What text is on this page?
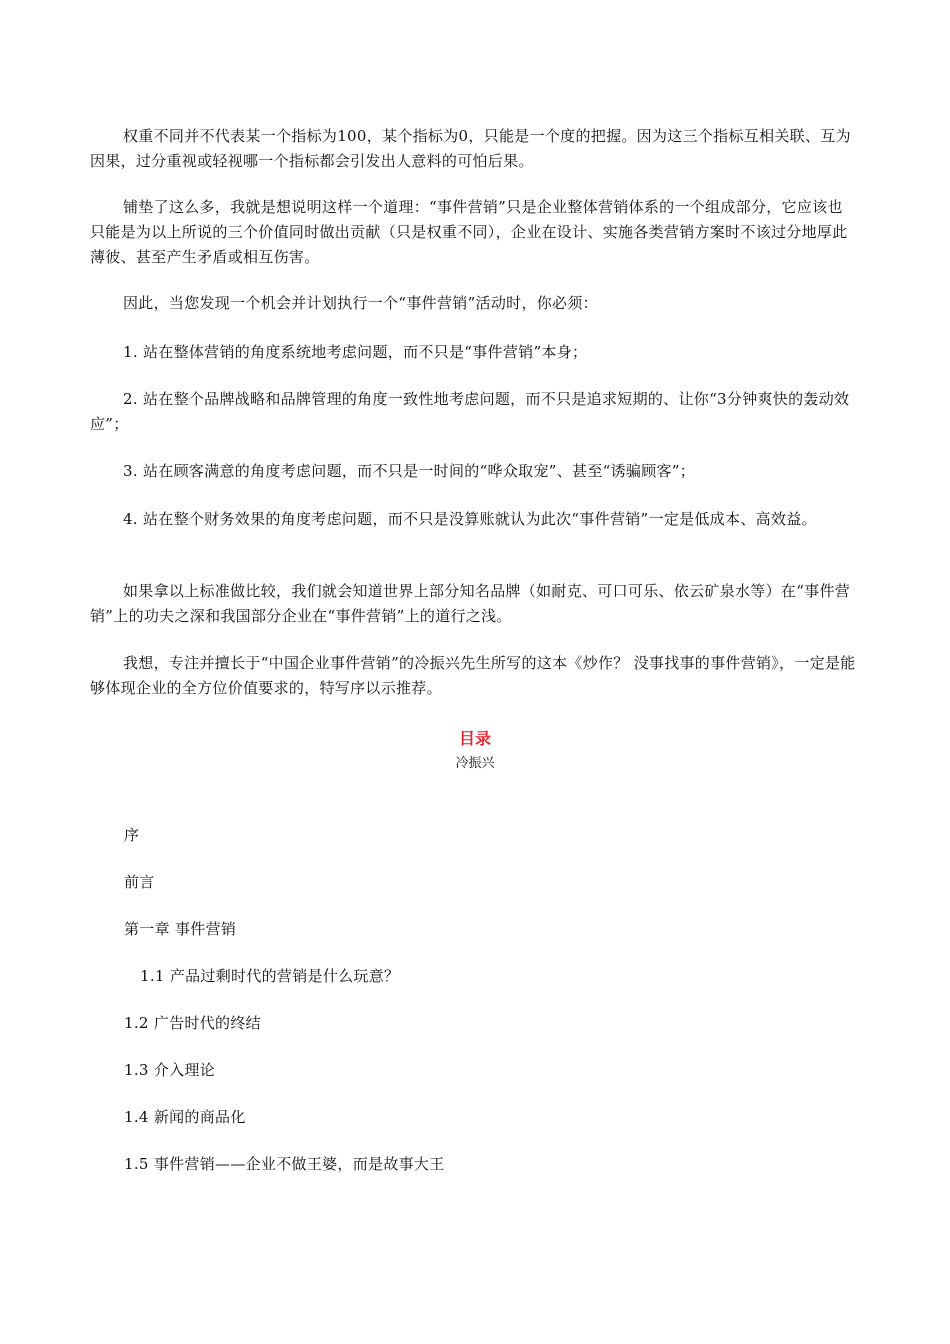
权重不同并不代表某一个指标为100，某个指标为0，只能是一个度的把握。因为这三个指标互相关联、互为因果，过分重视或轻视哪一个指标都会引发出人意料的可怕后果。

铺垫了这么多，我就是想说明这样一个道理：“事件营销”只是企业整体营销体系的一个组成部分，它应该也只能是为以上所说的三个价值同时做出贡献（只是权重不同），企业在设计、实施各类营销方案时不该过分地厚此薄彼、甚至产生矛盾或相互伤害。

因此，当您发现一个机会并计划执行一个“事件营销”活动时，你必须：

1. 站在整体营销的角度系统地考虑问题，而不只是“事件营销”本身；

2. 站在整个品牌战略和品牌管理的角度一致性地考虑问题，而不只是追求短期的、让你“3分钟爽快的轰动效应”；

3. 站在顾客满意的角度考虑问题，而不只是一时间的“哗众取宠”、甚至“诱骗顾客”；

4. 站在整个财务效果的角度考虑问题，而不只是没算账就认为此次“事件营销”一定是低成本、高效益。

如果拿以上标准做比较，我们就会知道世界上部分知名品牌（如耐克、可口可乐、依云矿泉水等）在“事件营销”上的功夫之深和我国部分企业在“事件营销”上的道行之浅。

我想，专注并擅长于“中国企业事件营销”的冷振兴先生所写的这本《炒作？ 没事找事的事件营销》，一定是能够体现企业的全方位价值要求的，特写序以示推荐。

目录

冷振兴

序

前言

第一章 事件营销

1.1 产品过剩时代的营销是什么玩意？

1.2 广告时代的终结

1.3 介入理论

1.4 新闻的商品化

1.5 事件营销——企业不做王婆，而是故事大王
